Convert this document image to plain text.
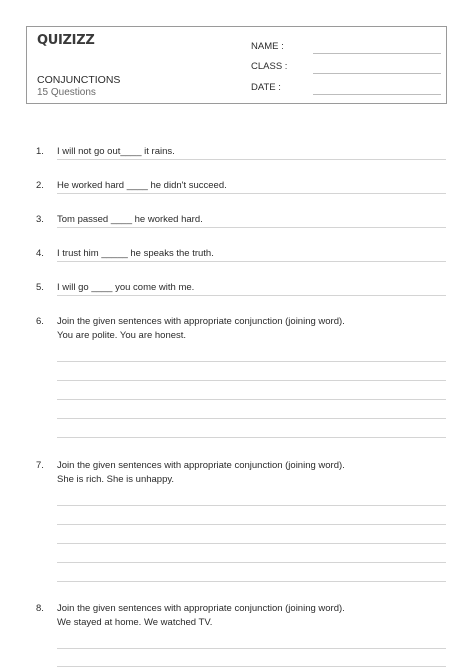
QUIZIZZ
CONJUNCTIONS
15 Questions
NAME :
CLASS :
DATE :
1. I will not go out____ it rains.
2. He worked hard ____ he didn't succeed.
3. Tom passed ____ he worked hard.
4. I trust him _____ he speaks the truth.
5. I will go ____ you come with me.
6. Join the given sentences with appropriate conjunction (joining word).
You are polite. You are honest.
7. Join the given sentences with appropriate conjunction (joining word).
She is rich. She is unhappy.
8. Join the given sentences with appropriate conjunction (joining word).
We stayed at home. We watched TV.
